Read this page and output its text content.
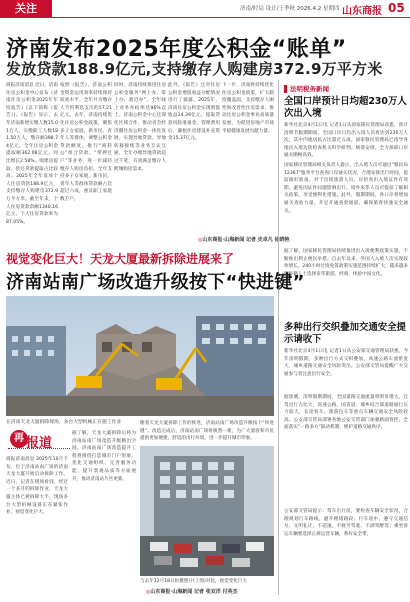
关注	济南/时局 设计/王季秋 2026.4.2 星期四 山东商报 05
济南发布2025年度公积金“账单”
发放贷款188.9亿元,支持缴存人购建房372.9万平方米
商报济南消息 近日，济南住房公积金中心发布《济南住房公积金2025年年度报告》(以下简称《报告》)。《报告》显示，去年济南新增实缴人数15.01万人，实缴职工人数181.50万人，缴存额398.74亿元。全年住房公积金提取额362.08亿元，同比增长2.58%。购建房提取、偿还贷款提取占比较高。2025年全年发放个人住房贷款188.9亿元，支持缴存人购建房372.9万平方米。截至年末，个人住房贷款余额1340.16亿元，个人住房贷款率为87.05%。
按照《报告》，济南公积金资金运用效率持续保持较高水平。全年共为缴存人节约利息支出约57.21亿元。去年，济南持续优化住房公积金政策，聚焦多子女家庭、新市民、青年人等群体，调整公积金贷款额度，推行“商转公”组合贷款、“带押过户”等业务，进一步减轻缴存人购房负担。全年支持多子女家庭、新市民、青年人等群体贷款额占比超过六成，惠及职工家庭数万户。
同时，济南持续推进住房公积金服务“网上办、掌上办、就近办”，全年线上业务办结率达96%以上。济南公积金中心还深化区域合作，推动省会经济圈住房公积金一体化发展，实现异地贷款、异地转移接续等业务互认互通，全年办理异地贷款超过千笔，有效满足缴存人跨城购房需求。
此外，《报告》还对住房公积金增值收益分配情况进行了披露。2025年，济南住房公积金实现增值收益24.39亿元，提取贷款风险准备金、管理费用后，廉租住房建设补充资金15.37亿元。
下一步，济南将持续优化住房公积金政策，扩大制度覆盖面，支持缴存人刚性和改善性住房需求，推动住房公积金事业高质量发展，为促进房地产市场平稳健康发展贡献力量。
◎山东商报·山海新闻 记者 史卓凡 徐晓艳
法明税务新闻
全国口岸预计日均超230万人次出入境
新华社北京4月1日电 记者1日从国家移民管理局获悉，预计清明节假期期间，全国口岸日均出入境人员将达到230万人次，其中内地居民占比超过五成。国家移民管理局已指导各地出入境边防检查机关科学研判、统筹安排，全力保障口岸通关顺畅高效。
国家移民管理局相关负责人提示，出入境人员可通过“移民局12367”服务平台查询口岸通关状况，合理安排出行时间，提前做好准备。对于出境旅游人员，应检查出入境证件有效期，避免因证件问题影响出行。境外来华人员可提前了解相关政策，享受便利化措施。此外，假期期间，各口岸将增加通关查验力量，开足开通查验通道，确保旅客快速安全通关。
据了解，国家移民管理局持续推进出入境便利政策实施，不断推出利企便民举措。自去年以来，外国人入境人次实现较快增长，240小时过境免签政策实施范围持续扩大，越来越多的外籍人士选择来华旅游、经商，体验中国文化。
多种出行交织叠加交通安全提示请收下
新华社北京4月1日电 记者1日从公安部交通管理局获悉，今年清明假期，多种出行方式交织叠加，高速公路车流密度大，城乡道路交通安全风险突出。公安部交管局提醒广大交通参与者注意出行安全。
据预测，清明假期期间，全国道路交通流量将明显增大，自驾出行占比大，高速公路、国省道、城乡结合部道路通行压力较大，长途客车、旅游包车等重点车辆交通安全风险较高。公安部交管局部署各地公安交管部门加强路面管控，全面落实“一路多方”联动机制，维护道路交通秩序。
公安部交管局提示：驾车出行前，要检查车辆安全状况，合理规划行车路线，避开拥堵路段；行车途中，遵守交通信号，文明礼让，不超速、不疲劳驾驶、不酒驾醉驾；乘坐客运车辆要选择正规运营车辆，系好安全带。
视觉变化巨大！天龙大厦最新拆除进展来了
济南站南广场改造升级按下“快进键”
在济南天龙大厦拆除现场，多台大型机械正在施工作业
再 报道
商报济南消息 2025年10月下旬，位于济南站南广场的济南天龙大厦开始启动拆除工作。近日，记者在现场看到，经过一个多月的拆除作业，天龙大厦主体已被拆除大半，现场多台大型机械设备正在紧张作业，视觉变化巨大。
据了解，天龙大厦拆除后将为济南站南广场改造升级腾出空间。济南站南广场改造提升工程将围绕打造城市门户形象，优化交通组织、完善服务功能、提升景观品质等方面展开，推动济南站片区更新。
随着天龙大厦拆除工作的推进，济南站南广场改造升级按下“快进键”。改造完成后，济南站南广场将焕然一新，为广大旅客和市民提供更加便捷、舒适的出行环境，进一步提升城市形象。
与去年12月18日拍摄照片(上图)对比，视觉变化巨大
◎山东商报·山海新闻 记者 张双洋 付英杰
